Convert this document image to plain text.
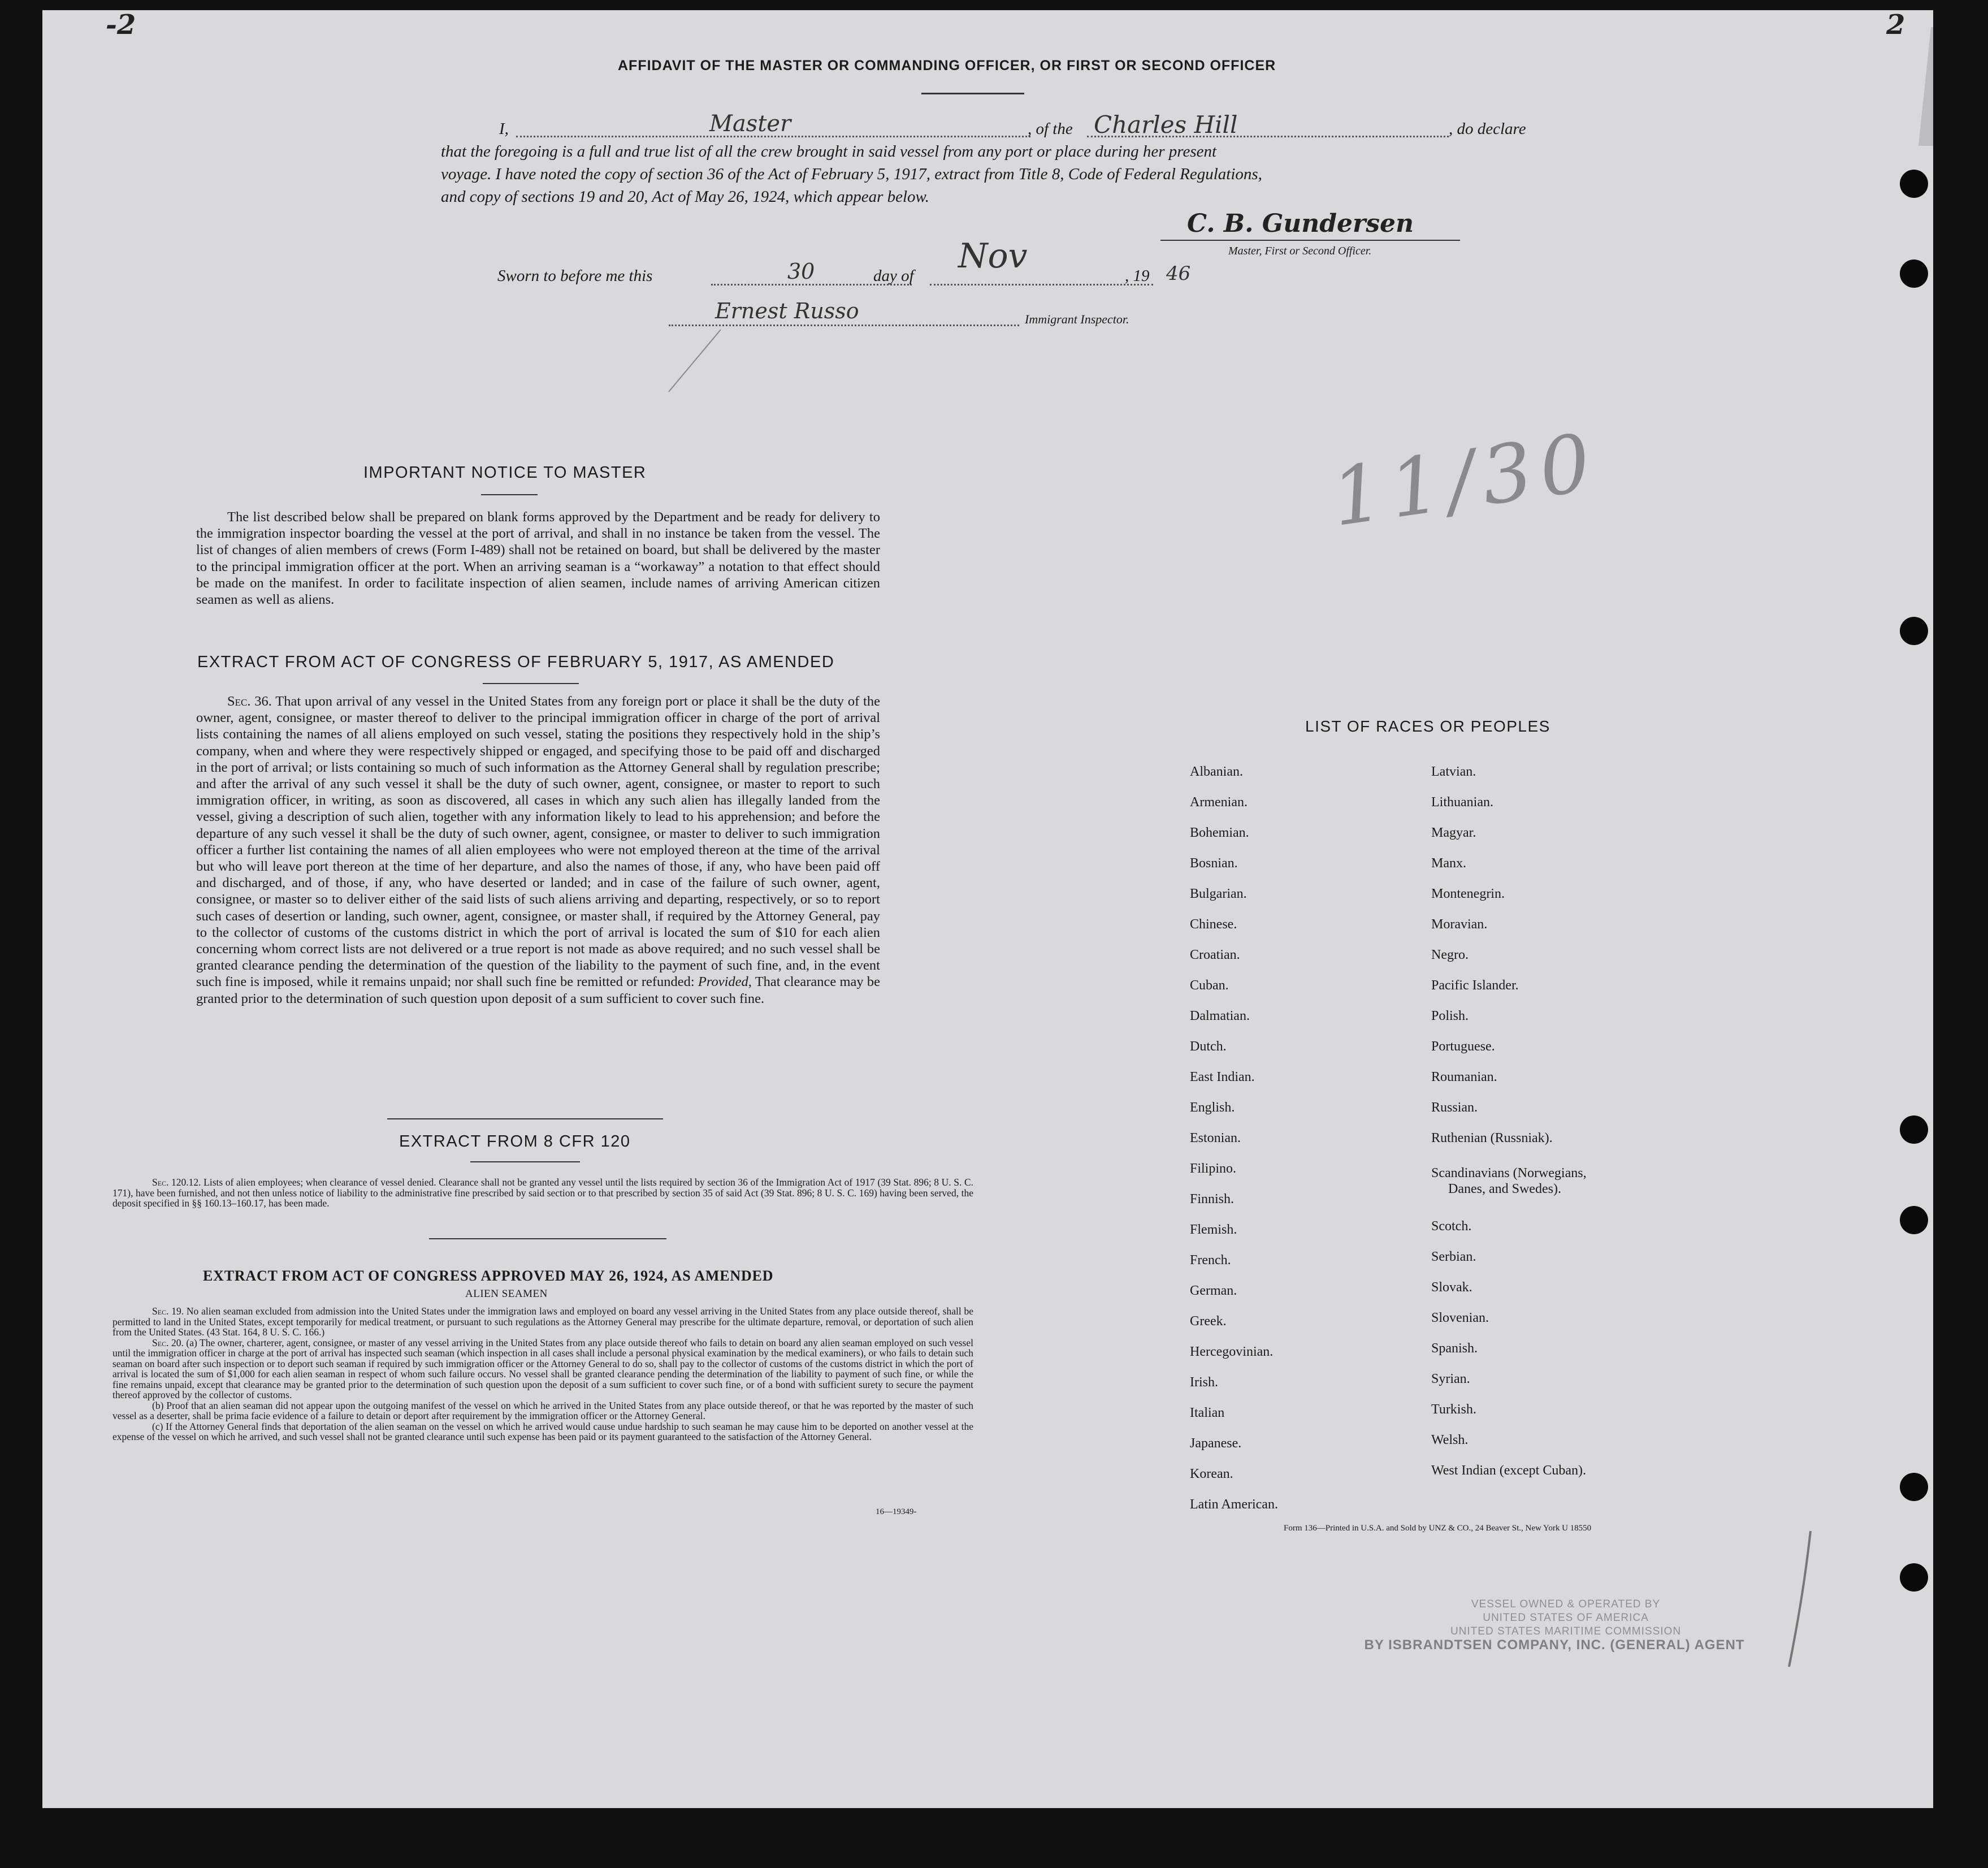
-2	2
AFFIDAVIT OF THE MASTER OR COMMANDING OFFICER, OR FIRST OR SECOND OFFICER
I,	Master	, of the Charles Hill	, do declare
that the foregoing is a full and true list of all the crew brought in said vessel from any port or place during her present
voyage. I have noted the copy of section 36 of the Act of February 5, 1917, extract from Title 8, Code of Federal Regulations,
and copy of sections 19 and 20, Act of May 26, 1924, which appear below.
C. B. Gundersen
Master, First or Second Officer.
Sworn to before me this	30	day of Nov	, 19 46
Ernest Russo	Immigrant Inspector.
11/30
IMPORTANT NOTICE TO MASTER
The list described below shall be prepared on blank forms approved by the Department and be ready for delivery to the immigration inspector boarding the vessel at the port of arrival, and shall in no instance be taken from the vessel. The list of changes of alien members of crews (Form I-489) shall not be retained on board, but shall be delivered by the master to the principal immigration officer at the port. When an arriving seaman is a “workaway” a notation to that effect should be made on the manifest. In order to facilitate inspection of alien seamen, include names of arriving American citizen seamen as well as aliens.
EXTRACT FROM ACT OF CONGRESS OF FEBRUARY 5, 1917, AS AMENDED
Sec. 36. That upon arrival of any vessel in the United States from any foreign port or place it shall be the duty of the owner, agent, consignee, or master thereof to deliver to the principal immigration officer in charge of the port of arrival lists containing the names of all aliens employed on such vessel, stating the positions they respectively hold in the ship’s company, when and where they were respectively shipped or engaged, and specifying those to be paid off and discharged in the port of arrival; or lists containing so much of such information as the Attorney General shall by regulation prescribe; and after the arrival of any such vessel it shall be the duty of such owner, agent, consignee, or master to report to such immigration officer, in writing, as soon as discovered, all cases in which any such alien has illegally landed from the vessel, giving a description of such alien, together with any information likely to lead to his apprehension; and before the departure of any such vessel it shall be the duty of such owner, agent, consignee, or master to deliver to such immigration officer a further list containing the names of all alien employees who were not employed thereon at the time of the arrival but who will leave port thereon at the time of her departure, and also the names of those, if any, who have been paid off and discharged, and of those, if any, who have deserted or landed; and in case of the failure of such owner, agent, consignee, or master so to deliver either of the said lists of such aliens arriving and departing, respectively, or so to report such cases of desertion or landing, such owner, agent, consignee, or master shall, if required by the Attorney General, pay to the collector of customs of the customs district in which the port of arrival is located the sum of $10 for each alien concerning whom correct lists are not delivered or a true report is not made as above required; and no such vessel shall be granted clearance pending the determination of the question of the liability to the payment of such fine, and, in the event such fine is imposed, while it remains unpaid; nor shall such fine be remitted or refunded: Provided, That clearance may be granted prior to the determination of such question upon deposit of a sum sufficient to cover such fine.
EXTRACT FROM 8 CFR 120
Sec. 120.12. Lists of alien employees; when clearance of vessel denied. Clearance shall not be granted any vessel until the lists required by section 36 of the Immigration Act of 1917 (39 Stat. 896; 8 U. S. C. 171), have been furnished, and not then unless notice of liability to the administrative fine prescribed by said section or to that prescribed by section 35 of said Act (39 Stat. 896; 8 U. S. C. 169) having been served, the deposit specified in §§ 160.13–160.17, has been made.
EXTRACT FROM ACT OF CONGRESS APPROVED MAY 26, 1924, AS AMENDED
ALIEN SEAMEN
Sec. 19. No alien seaman excluded from admission into the United States under the immigration laws and employed on board any vessel arriving in the United States from any place outside thereof, shall be permitted to land in the United States, except temporarily for medical treatment, or pursuant to such regulations as the Attorney General may prescribe for the ultimate departure, removal, or deportation of such alien from the United States. (43 Stat. 164, 8 U. S. C. 166.)
Sec. 20. (a) The owner, charterer, agent, consignee, or master of any vessel arriving in the United States from any place outside thereof who fails to detain on board any alien seaman employed on such vessel until the immigration officer in charge at the port of arrival has inspected such seaman (which inspection in all cases shall include a personal physical examination by the medical examiners), or who fails to detain such seaman on board after such inspection or to deport such seaman if required by such immigration officer or the Attorney General to do so, shall pay to the collector of customs of the customs district in which the port of arrival is located the sum of $1,000 for each alien seaman in respect of whom such failure occurs. No vessel shall be granted clearance pending the determination of the liability to payment of such fine, or while the fine remains unpaid, except that clearance may be granted prior to the determination of such question upon the deposit of a sum sufficient to cover such fine, or of a bond with sufficient surety to secure the payment thereof approved by the collector of customs.
(b) Proof that an alien seaman did not appear upon the outgoing manifest of the vessel on which he arrived in the United States from any place outside thereof, or that he was reported by the master of such vessel as a deserter, shall be prima facie evidence of a failure to detain or deport after requirement by the immigration officer or the Attorney General.
(c) If the Attorney General finds that deportation of the alien seaman on the vessel on which he arrived would cause undue hardship to such seaman he may cause him to be deported on another vessel at the expense of the vessel on which he arrived, and such vessel shall not be granted clearance until such expense has been paid or its payment guaranteed to the satisfaction of the Attorney General.
16—19349-
LIST OF RACES OR PEOPLES
Albanian.
Armenian.
Bohemian.
Bosnian.
Bulgarian.
Chinese.
Croatian.
Cuban.
Dalmatian.
Dutch.
East Indian.
English.
Estonian.
Filipino.
Finnish.
Flemish.
French.
German.
Greek.
Hercegovinian.
Irish.
Italian
Japanese.
Korean.
Latin American.
Latvian.
Lithuanian.
Magyar.
Manx.
Montenegrin.
Moravian.
Negro.
Pacific Islander.
Polish.
Portuguese.
Roumanian.
Russian.
Ruthenian (Russniak).
Scandinavians (Norwegians,
Danes, and Swedes).
Scotch.
Serbian.
Slovak.
Slovenian.
Spanish.
Syrian.
Turkish.
Welsh.
West Indian (except Cuban).
Form 136—Printed in U.S.A. and Sold by UNZ & CO., 24 Beaver St., New York U 18550
VESSEL OWNED & OPERATED BY
UNITED STATES OF AMERICA
UNITED STATES MARITIME COMMISSION
BY ISBRANDTSEN COMPANY, INC. (GENERAL) AGENT
